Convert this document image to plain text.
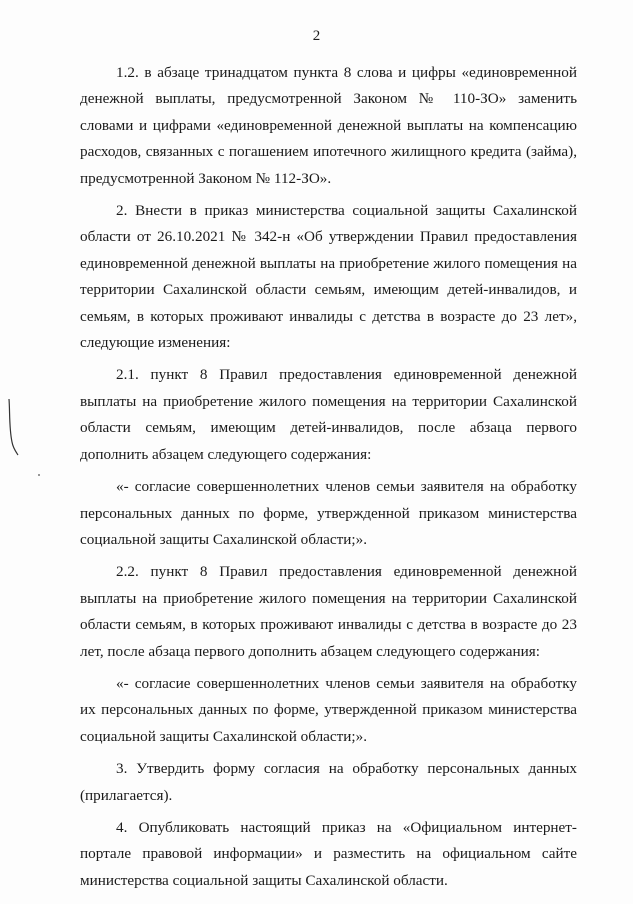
2

1.2. в абзаце тринадцатом пункта 8 слова и цифры «единовременной денежной выплаты, предусмотренной Законом № 110-ЗО» заменить словами и цифрами «единовременной денежной выплаты на компенсацию расходов, связанных с погашением ипотечного жилищного кредита (займа), предусмотренной Законом № 112-ЗО».

2. Внести в приказ министерства социальной защиты Сахалинской области от 26.10.2021 № 342-н «Об утверждении Правил предоставления единовременной денежной выплаты на приобретение жилого помещения на территории Сахалинской области семьям, имеющим детей-инвалидов, и семьям, в которых проживают инвалиды с детства в возрасте до 23 лет», следующие изменения:

2.1. пункт 8 Правил предоставления единовременной денежной выплаты на приобретение жилого помещения на территории Сахалинской области семьям, имеющим детей-инвалидов, после абзаца первого дополнить абзацем следующего содержания:

«- согласие совершеннолетних членов семьи заявителя на обработку персональных данных по форме, утвержденной приказом министерства социальной защиты Сахалинской области;».

2.2. пункт 8 Правил предоставления единовременной денежной выплаты на приобретение жилого помещения на территории Сахалинской области семьям, в которых проживают инвалиды с детства в возрасте до 23 лет, после абзаца первого дополнить абзацем следующего содержания:

«- согласие совершеннолетних членов семьи заявителя на обработку их персональных данных по форме, утвержденной приказом министерства социальной защиты Сахалинской области;».

3. Утвердить форму согласия на обработку персональных данных (прилагается).

4. Опубликовать настоящий приказ на «Официальном интернет-портале правовой информации» и разместить на официальном сайте министерства социальной защиты Сахалинской области.
